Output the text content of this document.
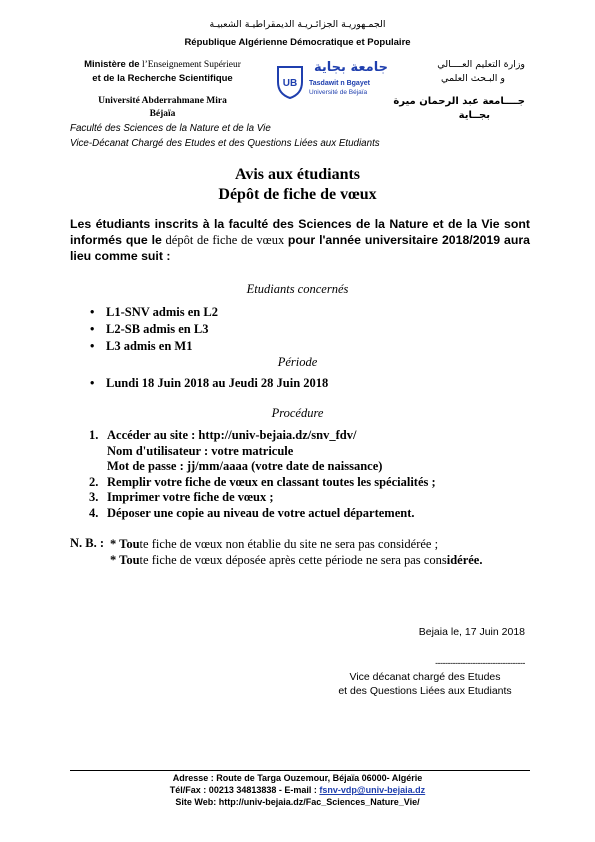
الجمـهوريـة الجزائـريـة الديمقراطيـة الشعبيـة
République Algérienne Démocratique et Populaire
Ministère de l’Enseignement Supérieur
et de la Recherche Scientifique
Université Abderrahmane Mira
Béjaïa
UB
جامعة بجاية
Tasdawit n Bgayet
Université de Béjaïa
وزارة التعليم العــــالي
و البـحث العلمي
جــــامعة عبد الرحمان ميرة
بجــاية
Faculté des Sciences de la Nature et de la Vie
Vice-Décanat Chargé des Etudes et des Questions Liées aux Etudiants
Avis aux étudiants
Dépôt de fiche de vœux
Les étudiants inscrits à la faculté des Sciences de la Nature et de la Vie sont informés que le dépôt de fiche de vœux pour l'année universitaire 2018/2019 aura lieu comme suit :
Etudiants concernés
• L1-SNV admis en L2
• L2-SB admis en L3
• L3 admis en M1
Période
• Lundi 18 Juin 2018 au Jeudi 28 Juin 2018
Procédure
1. Accéder au site : http://univ-bejaia.dz/snv_fdv/
Nom d'utilisateur : votre matricule
Mot de passe : jj/mm/aaaa (votre date de naissance)
2. Remplir votre fiche de vœux en classant toutes les spécialités ;
3. Imprimer votre fiche de vœux ;
4. Déposer une copie au niveau de votre actuel département.
N. B. : * Toute fiche de vœux non établie du site ne sera pas considérée ;
* Toute fiche de vœux déposée après cette période ne sera pas considérée.
Bejaia le, 17 Juin 2018
------------------------------------
Vice décanat chargé des Etudes
et des Questions Liées aux Etudiants
Adresse : Route de Targa Ouzemour, Béjaïa 06000- Algérie
Tél/Fax : 00213 34813838 - E-mail : fsnv-vdp@univ-bejaia.dz
Site Web: http://univ-bejaia.dz/Fac_Sciences_Nature_Vie/
